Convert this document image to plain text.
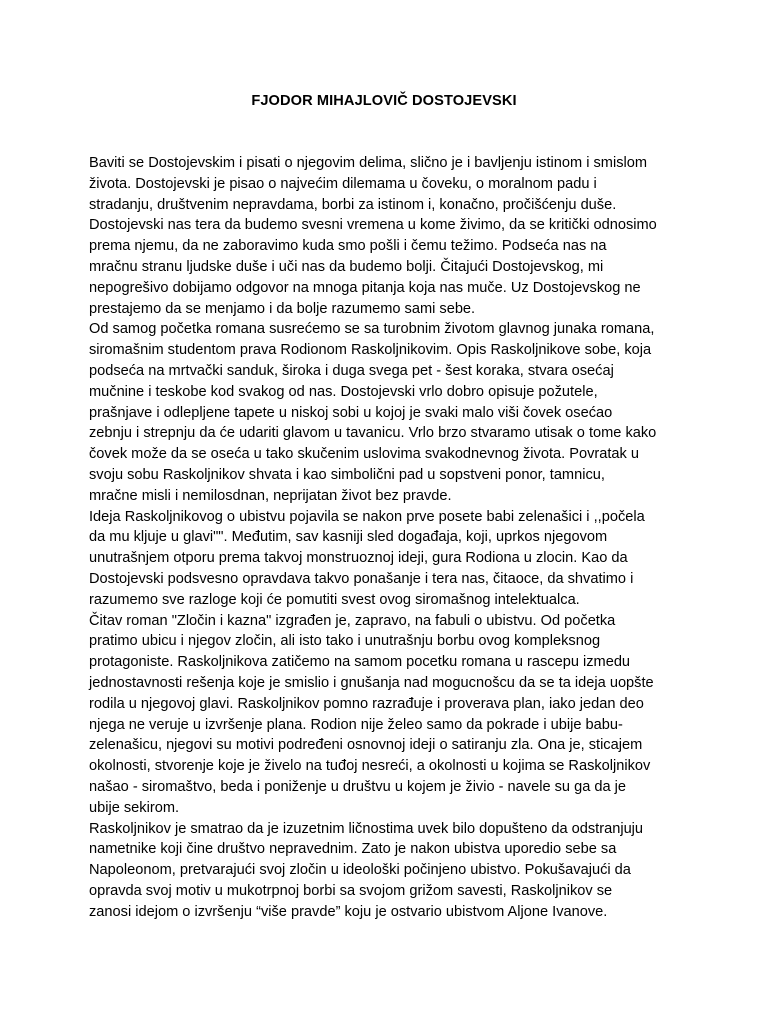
FJODOR MIHAJLOVIČ DOSTOJEVSKI
Baviti se Dostojevskim i pisati o njegovim delima, slično je i bavljenju istinom i smislom
života. Dostojevski je pisao o najvećim dilemama u čoveku, o moralnom padu i
stradanju, društvenim nepravdama, borbi za istinom i, konačno, pročišćenju duše.
Dostojevski nas tera da budemo svesni vremena u kome živimo, da se kritički odnosimo
prema njemu, da ne zaboravimo kuda smo pošli i čemu težimo. Podseća nas na
mračnu stranu ljudske duše i uči nas da budemo bolji. Čitajući Dostojevskog, mi
nepogrešivo dobijamo odgovor na mnoga pitanja koja nas muče. Uz Dostojevskog ne
prestajemo da se menjamo i da bolje razumemo sami sebe.
Od samog početka romana susrećemo se sa turobnim životom glavnog junaka romana,
siromašnim studentom prava Rodionom Raskoljnikovim. Opis Raskoljnikove sobe, koja
podseća na mrtvački sanduk, široka i duga svega pet - šest koraka, stvara osećaj
mučnine i teskobe kod svakog od nas. Dostojevski vrlo dobro opisuje požutele,
prašnjave i odlepljene tapete u niskoj sobi u kojoj je svaki malo viši čovek osećao
zebnju i strepnju da će udariti glavom u tavanicu. Vrlo brzo stvaramo utisak o tome kako
čovek može da se oseća u tako skučenim uslovima svakodnevnog života. Povratak u
svoju sobu Raskoljnikov shvata i kao simbolični pad u sopstveni ponor, tamnicu,
mračne misli i nemilosdnan, neprijatan život bez pravde.
Ideja Raskoljnikovog o ubistvu pojavila se nakon prve posete babi zelenašici i ,,počela
da mu kljuje u glavi"". Međutim, sav kasniji sled događaja, koji, uprkos njegovom
unutrašnjem otporu prema takvoj monstruoznoj ideji, gura Rodiona u zlocin. Kao da
Dostojevski podsvesno opravdava takvo ponašanje i tera nas, čitaoce, da shvatimo i
razumemo sve razloge koji će pomutiti svest ovog siromašnog intelektualca.
Čitav roman "Zločin i kazna" izgrađen je, zapravo, na fabuli o ubistvu. Od početka
pratimo ubicu i njegov zločin, ali isto tako i unutrašnju borbu ovog kompleksnog
protagoniste. Raskoljnikova zatičemo na samom pocetku romana u rascepu izmedu
jednostavnosti rešenja koje je smislio i gnušanja nad mogucnošcu da se ta ideja uopšte
rodila u njegovoj glavi. Raskoljnikov pomno razrađuje i proverava plan, iako jedan deo
njega ne veruje u izvršenje plana. Rodion nije želeo samo da pokrade i ubije babu-
zelenašicu, njegovi su motivi podređeni osnovnoj ideji o satiranju zla. Ona je, sticajem
okolnosti, stvorenje koje je živelo na tuđoj nesreći, a okolnosti u kojima se Raskoljnikov
našao - siromaštvo, beda i poniženje u društvu u kojem je živio - navele su ga da je
ubije sekirom.
Raskoljnikov je smatrao da je izuzetnim ličnostima uvek bilo dopušteno da odstranjuju
nametnike koji čine društvo nepravednim. Zato je nakon ubistva uporedio sebe sa
Napoleonom, pretvarajući svoj zločin u ideološki počinjeno ubistvo. Pokušavajući da
opravda svoj motiv u mukotrpnoj borbi sa svojom grižom savesti, Raskoljnikov se
zanosi idejom o izvršenju “više pravde” koju je ostvario ubistvom Aljone Ivanove.
